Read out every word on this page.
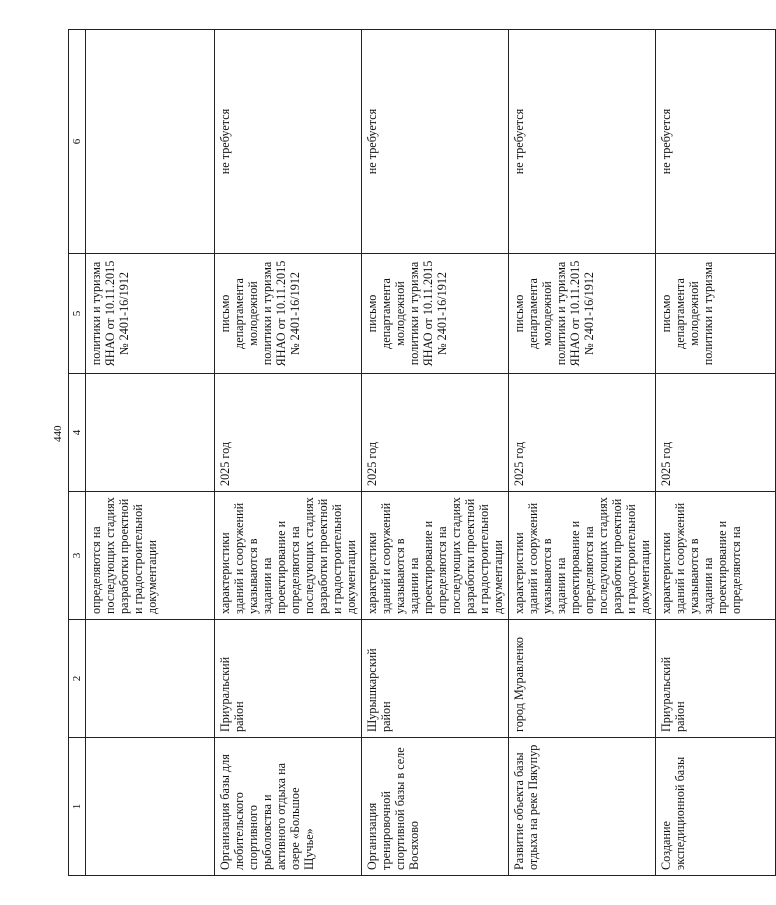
440
1	2	3	4	5	6
		определяются на последующих стадиях разработки проектной и градостроительной документации		политики и туризма ЯНАО от 10.11.2015 № 2401-16/1912	
Организация базы для любительского спортивного рыболовства и активного отдыха на озере «Большое Щучье»	Приуральский район	характеристики зданий и сооружений указываются в задании на проектирование и определяются на последующих стадиях разработки проектной и градостроительной документации	2025 год	письмо департамента молодежной политики и туризма ЯНАО от 10.11.2015 № 2401-16/1912	не требуется
Организация тренировочной спортивной базы в селе Восяхово	Шурышкарский район	характеристики зданий и сооружений указываются в задании на проектирование и определяются на последующих стадиях разработки проектной и градостроительной документации	2025 год	письмо департамента молодежной политики и туризма ЯНАО от 10.11.2015 № 2401-16/1912	не требуется
Развитие объекта базы отдыха на реке Пякупур	город Муравленко	характеристики зданий и сооружений указываются в задании на проектирование и определяются на последующих стадиях разработки проектной и градостроительной документации	2025 год	письмо департамента молодежной политики и туризма ЯНАО от 10.11.2015 № 2401-16/1912	не требуется
Создание экспедиционной базы	Приуральский район	характеристики зданий и сооружений указываются в задании на проектирование и определяются на	2025 год	письмо департамента молодежной политики и туризма	не требуется
